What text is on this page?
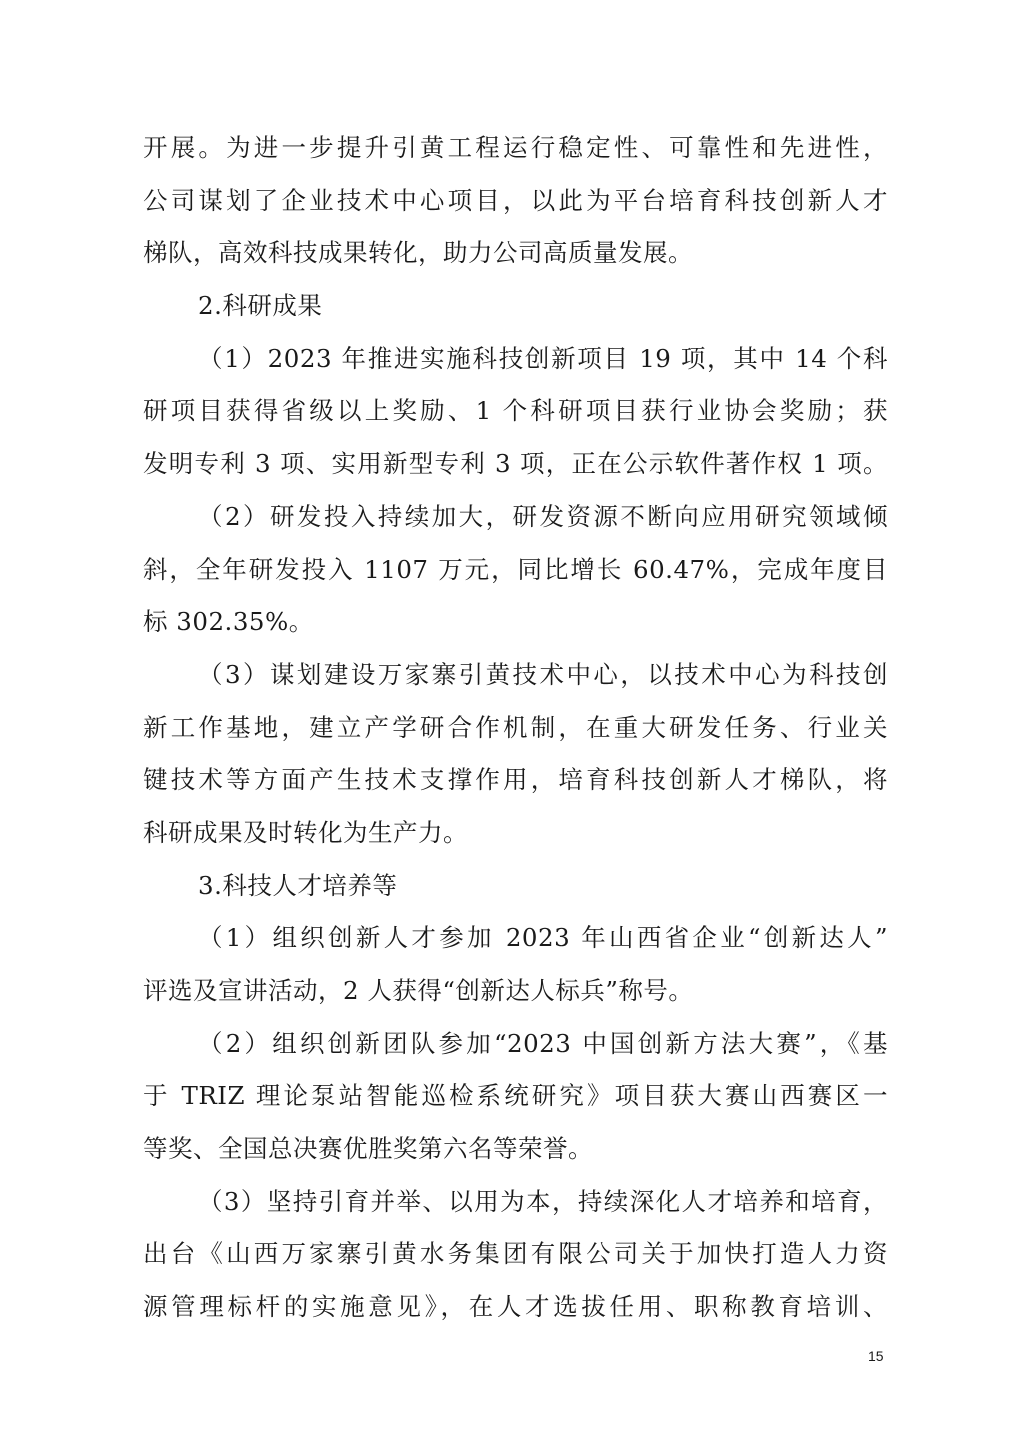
开展。为进一步提升引黄工程运行稳定性、可靠性和先进性，
公司谋划了企业技术中心项目，以此为平台培育科技创新人才
梯队，高效科技成果转化，助力公司高质量发展。
2.科研成果
（1）2023 年推进实施科技创新项目 19 项，其中 14 个科
研项目获得省级以上奖励、1 个科研项目获行业协会奖励；获
发明专利 3 项、实用新型专利 3 项，正在公示软件著作权 1 项。
（2）研发投入持续加大，研发资源不断向应用研究领域倾
斜，全年研发投入 1107 万元，同比增长 60.47%，完成年度目
标 302.35%。
（3）谋划建设万家寨引黄技术中心，以技术中心为科技创
新工作基地，建立产学研合作机制，在重大研发任务、行业关
键技术等方面产生技术支撑作用，培育科技创新人才梯队，将
科研成果及时转化为生产力。
3.科技人才培养等
（1）组织创新人才参加 2023 年山西省企业“创新达人”
评选及宣讲活动，2 人获得“创新达人标兵”称号。
（2）组织创新团队参加“2023 中国创新方法大赛”，《基
于 TRIZ 理论泵站智能巡检系统研究》项目获大赛山西赛区一
等奖、全国总决赛优胜奖第六名等荣誉。
（3）坚持引育并举、以用为本，持续深化人才培养和培育，
出台《山西万家寨引黄水务集团有限公司关于加快打造人力资
源管理标杆的实施意见》，在人才选拔任用、职称教育培训、
15
